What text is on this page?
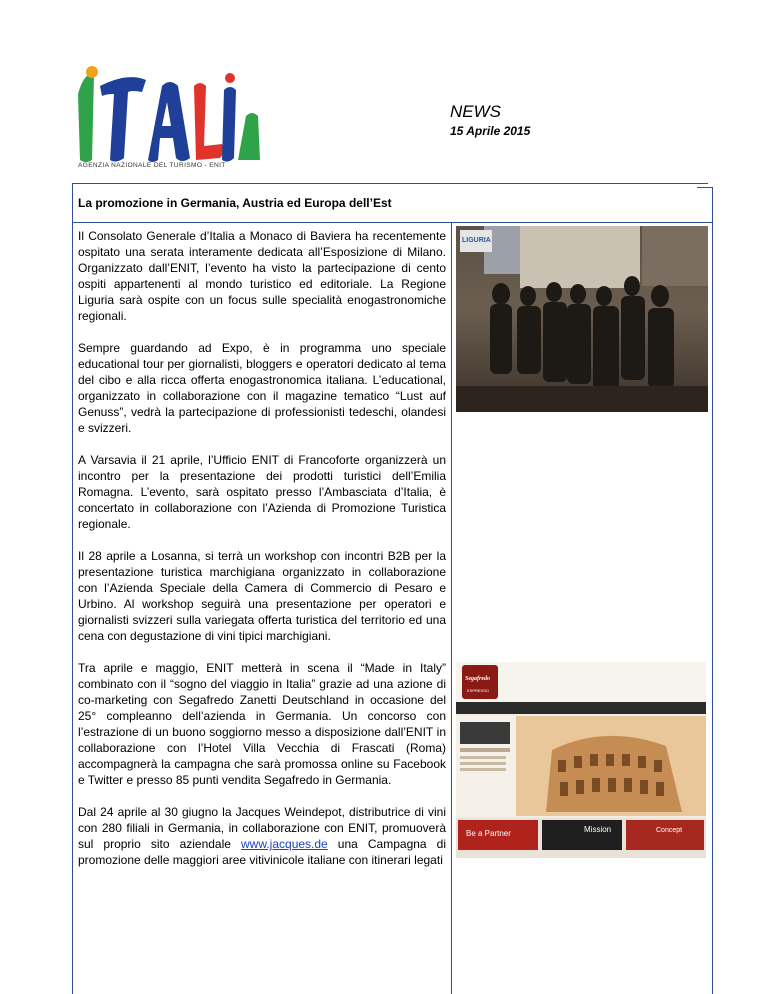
AGENZIA NAZIONALE DEL TURISMO - ENIT
NEWS
15 Aprile 2015
La promozione in Germania, Austria ed Europa dell’Est

Il Consolato Generale d’Italia a Monaco di Baviera ha recentemente ospitato una serata interamente dedicata all’Esposizione di Milano. Organizzato dall’ENIT, l’evento ha visto la partecipazione di cento ospiti appartenenti al mondo turistico ed editoriale. La Regione Liguria sarà ospite con un focus sulle specialità enogastronomiche regionali.

Sempre guardando ad Expo, è in programma uno speciale educational tour per giornalisti, bloggers e operatori dedicato al tema del cibo e alla ricca offerta enogastronomica italiana. L’educational, organizzato in collaborazione con il magazine tematico “Lust auf Genuss”, vedrà la partecipazione di professionisti tedeschi, olandesi e svizzeri.

A Varsavia il 21 aprile, l’Ufficio ENIT di Francoforte organizzerà un incontro per la presentazione dei prodotti turistici dell’Emilia Romagna. L’evento, sarà ospitato presso l’Ambasciata d’Italia, è concertato in collaborazione con l’Azienda di Promozione Turistica regionale.

Il 28 aprile a Losanna, si terrà un workshop con incontri B2B per la presentazione turistica marchigiana organizzato in collaborazione con l’Azienda Speciale della Camera di Commercio di Pesaro e Urbino. Al workshop seguirà una presentazione per operatori e giornalisti svizzeri sulla variegata offerta turistica del territorio ed una cena con degustazione di vini tipici marchigiani.

Tra aprile e maggio, ENIT metterà in scena il “Made in Italy” combinato con il “sogno del viaggio in Italia” grazie ad una azione di co-marketing con Segafredo Zanetti Deutschland in occasione del 25° compleanno dell’azienda in Germania. Un concorso con l’estrazione di un buono soggiorno messo a disposizione dall’ENIT in collaborazione con l’Hotel Villa Vecchia di Frascati (Roma) accompagnerà la campagna che sarà promossa online su Facebook e Twitter e presso 85 punti vendita Segafredo in Germania.

Dal 24 aprile al 30 giugno la Jacques Weindepot, distributrice di vini con 280 filiali in Germania, in collaborazione con ENIT, promuoverà sul proprio sito aziendale www.jacques.de una Campagna di promozione delle maggiori aree vitivinicole italiane con itinerari legati

LIGURIA
Segafredo
ESPRESSO
Be a Partner	Mission	Concept
